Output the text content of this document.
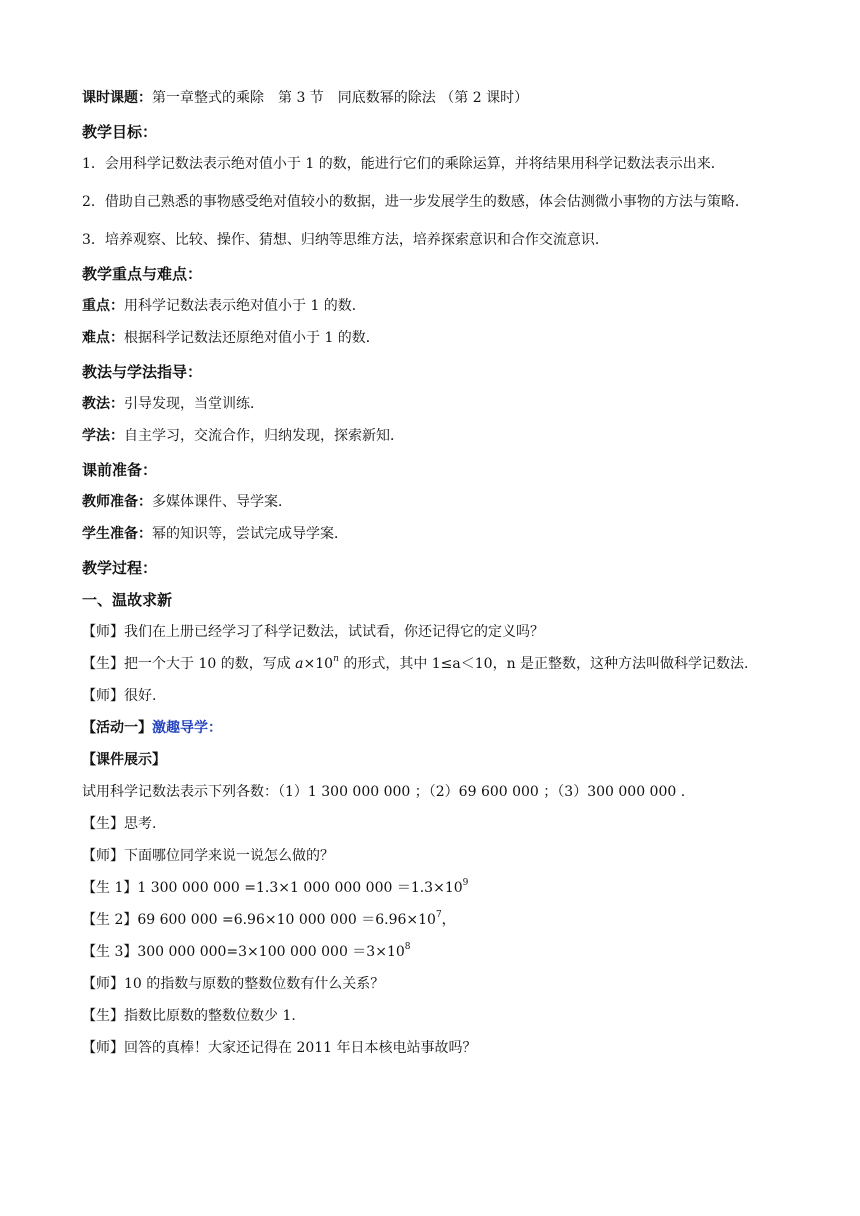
课时课题：第一章整式的乘除　第 3 节　同底数幂的除法 （第 2 课时）
教学目标：
1．会用科学记数法表示绝对值小于 1 的数，能进行它们的乘除运算，并将结果用科学记数法表示出来．
2．借助自己熟悉的事物感受绝对值较小的数据，进一步发展学生的数感，体会估测微小事物的方法与策略．
3．培养观察、比较、操作、猜想、归纳等思维方法，培养探索意识和合作交流意识．
教学重点与难点：
重点：用科学记数法表示绝对值小于 1 的数．
难点：根据科学记数法还原绝对值小于 1 的数．
教法与学法指导：
教法：引导发现，当堂训练．
学法：自主学习，交流合作，归纳发现，探索新知．
课前准备：
教师准备：多媒体课件、导学案．
学生准备：幂的知识等，尝试完成导学案．
教学过程：
一、温故求新
【师】我们在上册已经学习了科学记数法，试试看，你还记得它的定义吗？
【生】把一个大于 10 的数，写成 $a\times 10^n$ 的形式，其中 1≤a＜10，n 是正整数，这种方法叫做科学记数法.
【师】很好.
【活动一】激趣导学：
【课件展示】
试用科学记数法表示下列各数：（1）1 300 000 000 ；（2）69 600 000 ；（3）300 000 000 .
【生】思考.
【师】下面哪位同学来说一说怎么做的？
【生 1】1 300 000 000 =1.3×1 000 000 $000 =1.3\times 10^9$
【生 2】69 600 000 =6.96×10 000 $000 =6.96\times 10^7$，
【生 3】300 000 000=3×100 000 $000 =3\times 10^8$
【师】10 的指数与原数的整数位数有什么关系？
【生】指数比原数的整数位数少 1.
【师】回答的真棒！大家还记得在 2011 年日本核电站事故吗？
